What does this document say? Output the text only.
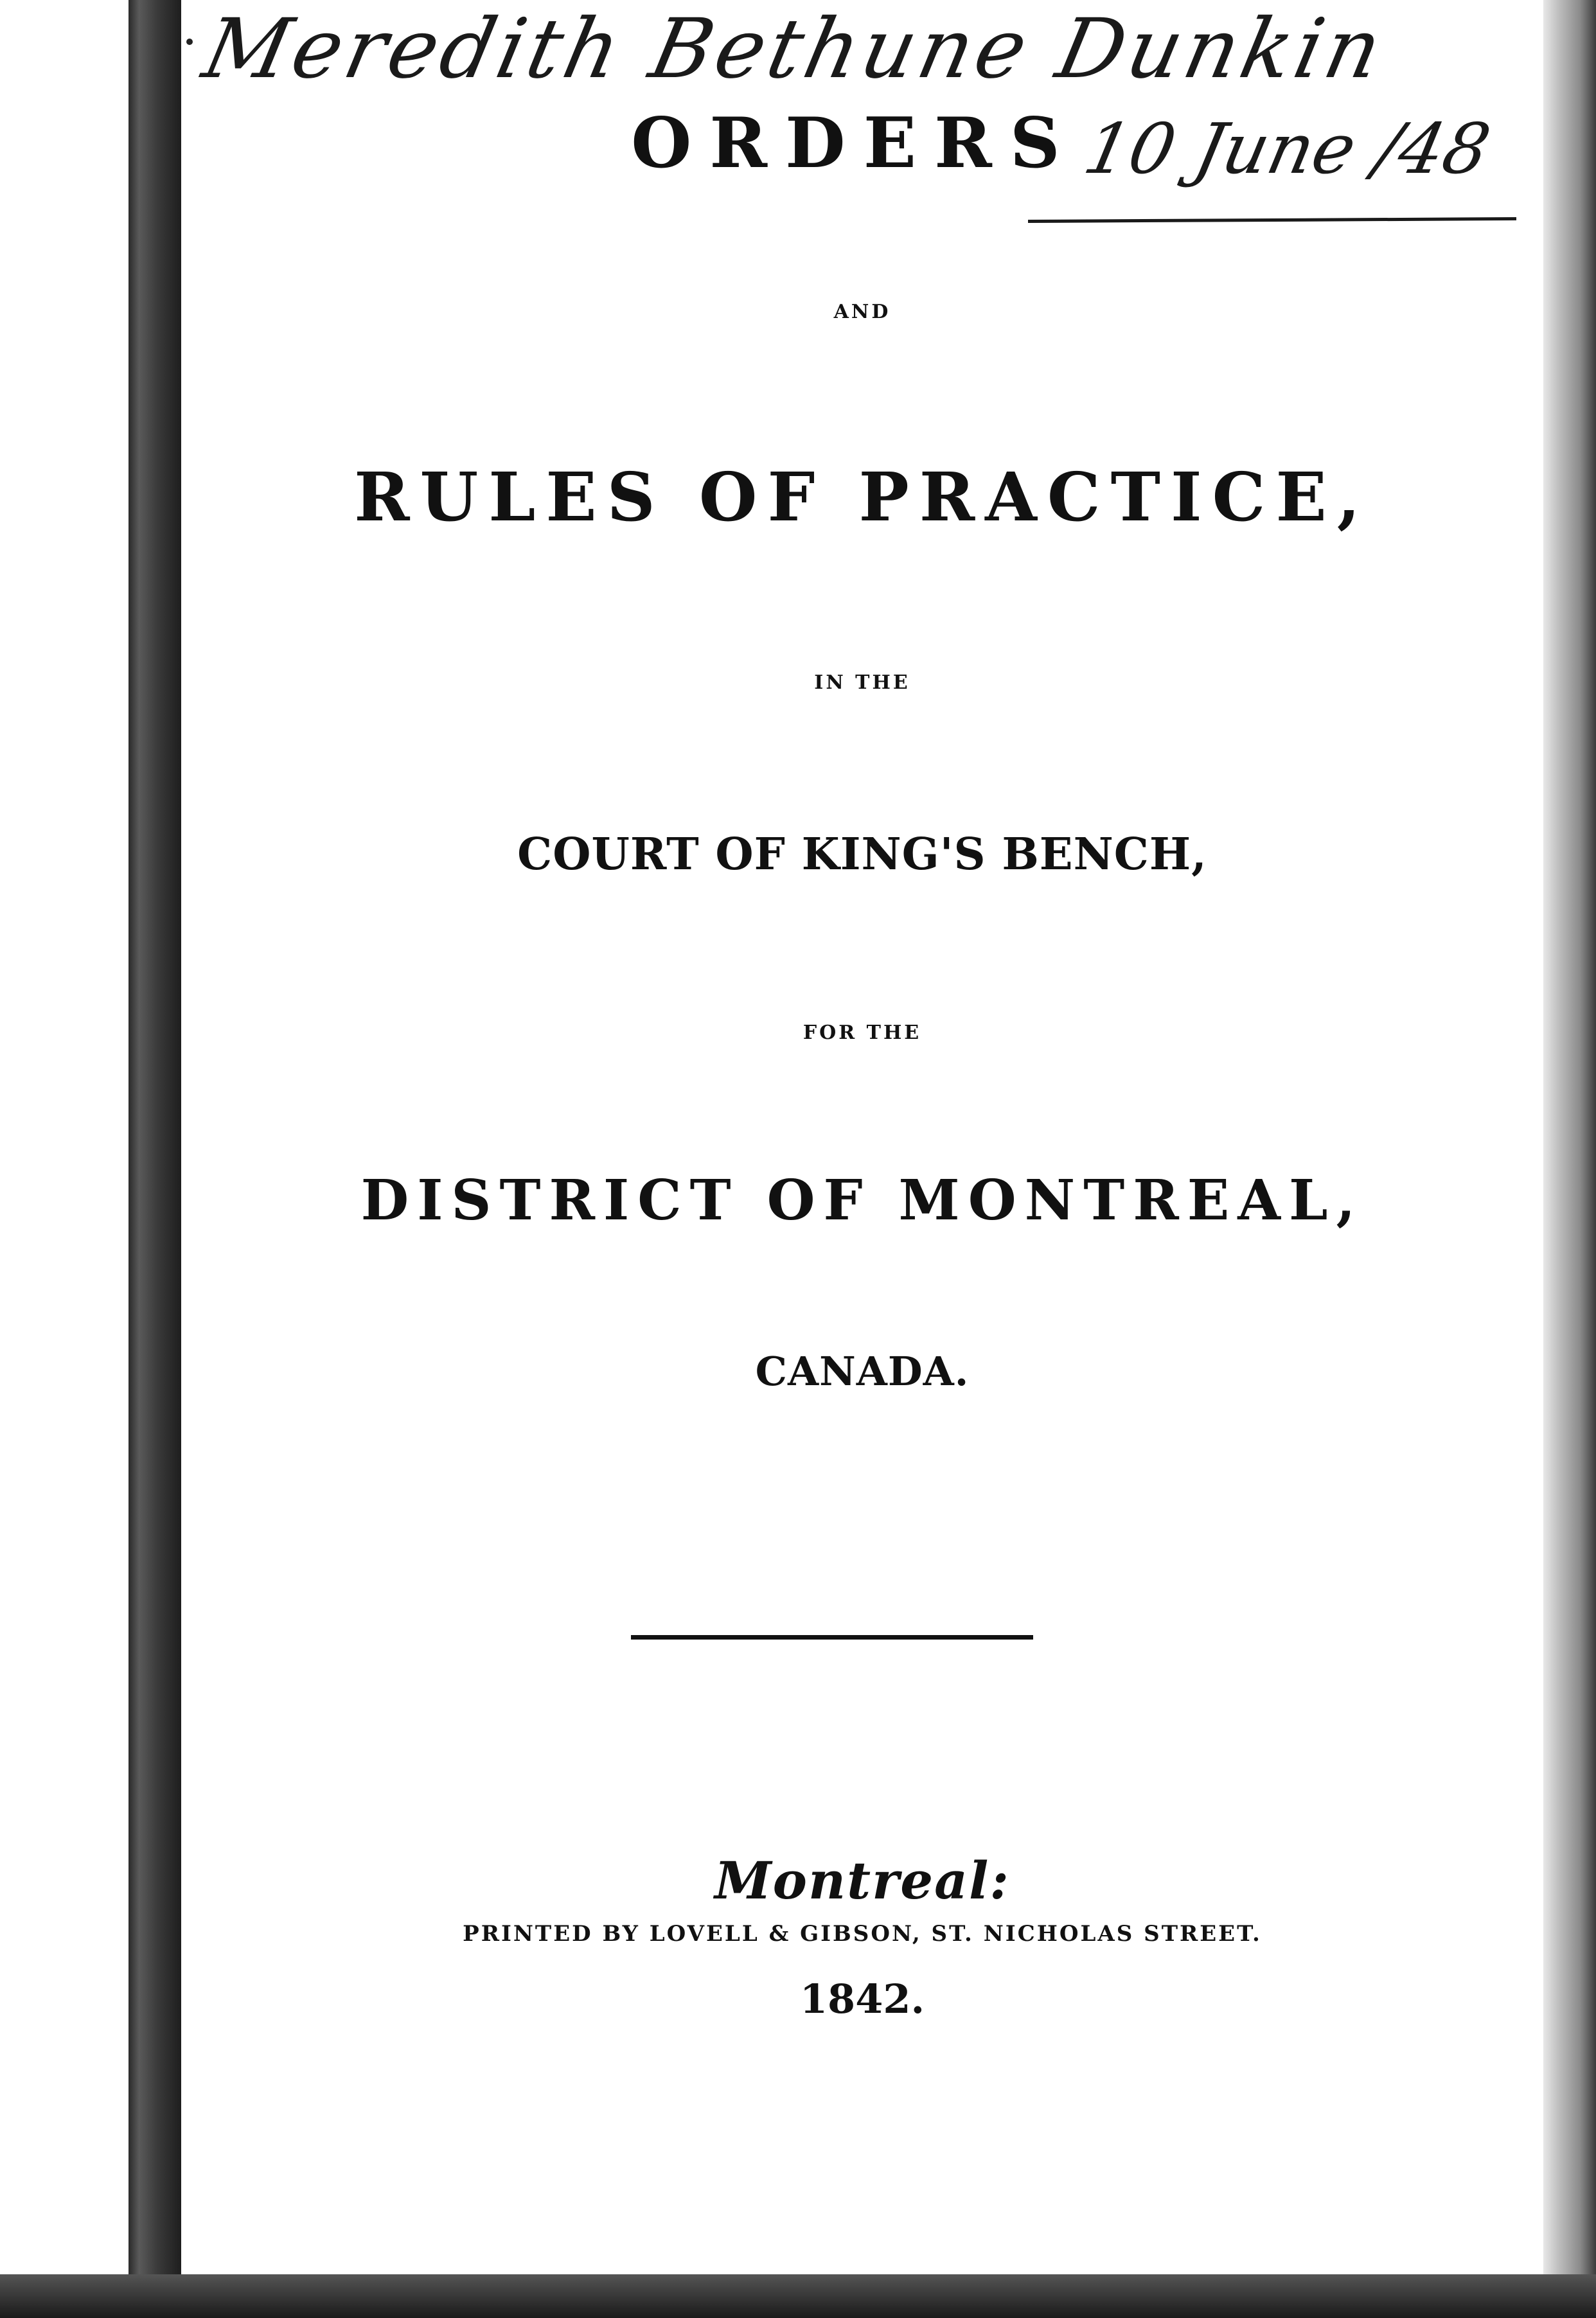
ORDERS

AND

RULES OF PRACTICE,

IN THE

COURT OF KING'S BENCH,

FOR THE

DISTRICT OF MONTREAL,

CANADA.

Montreal:

PRINTED BY LOVELL & GIBSON, ST. NICHOLAS STREET.

1842.

Meredith Bethune Dunkin
10 June /48
